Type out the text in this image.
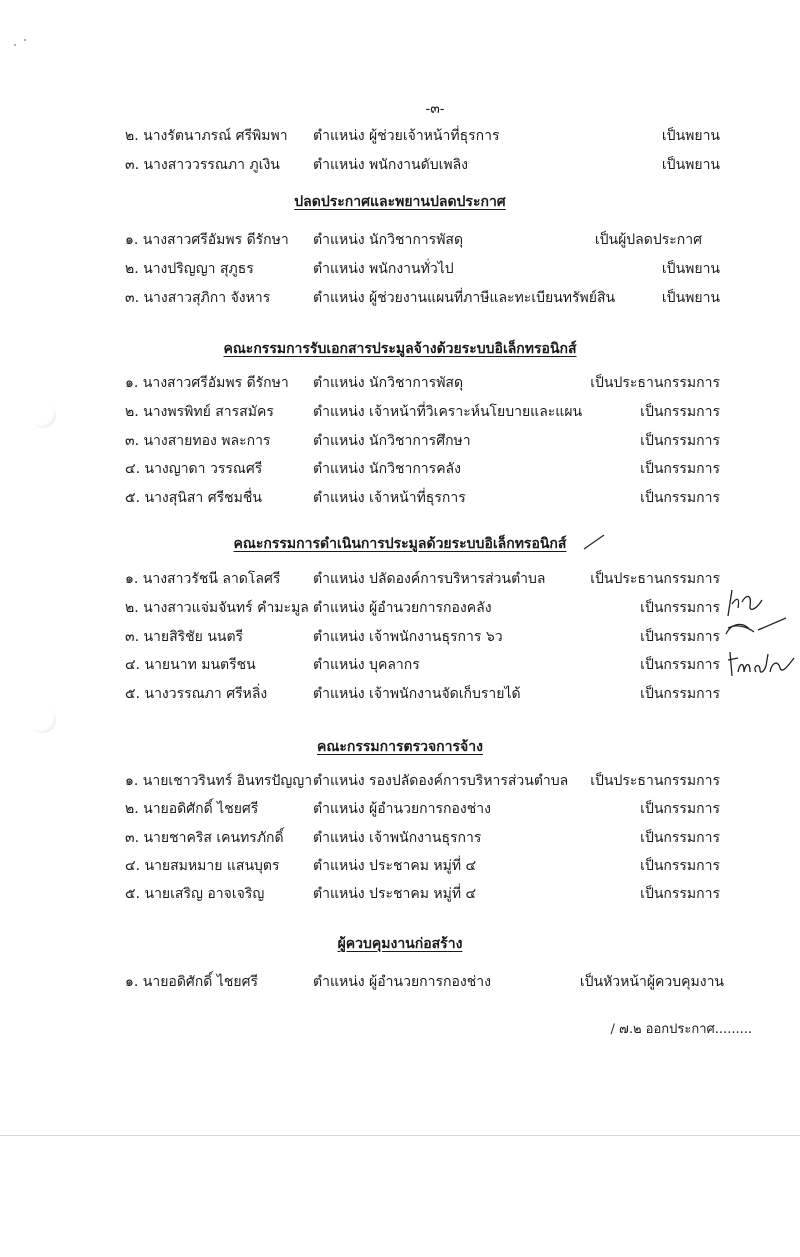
-๓-
๒. นางรัตนาภรณ์ ศรีพิมพา ตำแหน่ง ผู้ช่วยเจ้าหน้าที่ธุรการ	เป็นพยาน
๓. นางสาววรรณภา ภูเงิน ตำแหน่ง พนักงานดับเพลิง	เป็นพยาน
ปลดประกาศและพยานปลดประกาศ
๑. นางสาวศรีอัมพร ดีรักษา ตำแหน่ง นักวิชาการพัสดุ	เป็นผู้ปลดประกาศ
๒. นางปริญญา สุภูธร	ตำแหน่ง พนักงานทั่วไป	เป็นพยาน
๓. นางสาวสุภิกา จังหาร	ตำแหน่ง ผู้ช่วยงานแผนที่ภาษีและทะเบียนทรัพย์สิน	เป็นพยาน
คณะกรรมการรับเอกสารประมูลจ้างด้วยระบบอิเล็กทรอนิกส์
๑. นางสาวศรีอัมพร ดีรักษา ตำแหน่ง นักวิชาการพัสดุ	เป็นประธานกรรมการ
๒. นางพรพิทย์ สารสมัคร	ตำแหน่ง เจ้าหน้าที่วิเคราะห์นโยบายและแผน	เป็นกรรมการ
๓. นางสายทอง พละการ	ตำแหน่ง นักวิชาการศึกษา	เป็นกรรมการ
๔. นางญาดา วรรณศรี	ตำแหน่ง นักวิชาการคลัง	เป็นกรรมการ
๕. นางสุนิสา ศรีชมชื่น	ตำแหน่ง เจ้าหน้าที่ธุรการ	เป็นกรรมการ
คณะกรรมการดำเนินการประมูลด้วยระบบอิเล็กทรอนิกส์
๑. นางสาวรัชนี ลาดโลศรี ตำแหน่ง ปลัดองค์การบริหารส่วนตำบล	เป็นประธานกรรมการ
๒. นางสาวแจ่มจันทร์ คำมะมูล ตำแหน่ง ผู้อำนวยการกองคลัง	เป็นกรรมการ
๓. นายสิริชัย นนตรี	ตำแหน่ง เจ้าพนักงานธุรการ ๖ว	เป็นกรรมการ
๔. นายนาท มนตรีชน	ตำแหน่ง บุคลากร	เป็นกรรมการ
๕. นางวรรณภา ศรีหลิ่ง	ตำแหน่ง เจ้าพนักงานจัดเก็บรายได้	เป็นกรรมการ
คณะกรรมการตรวจการจ้าง
๑. นายเชาวรินทร์ อินทรปัญญา ตำแหน่ง รองปลัดองค์การบริหารส่วนตำบล เป็นประธานกรรมการ
๒. นายอดิศักดิ์ ไชยศรี	ตำแหน่ง ผู้อำนวยการกองช่าง	เป็นกรรมการ
๓. นายชาคริส เคนทรภักดิ์ ตำแหน่ง เจ้าพนักงานธุรการ	เป็นกรรมการ
๔. นายสมหมาย แสนบุตร ตำแหน่ง ประชาคม หมู่ที่ ๔	เป็นกรรมการ
๕. นายเสริญ อาจเจริญ	ตำแหน่ง ประชาคม หมู่ที่ ๔	เป็นกรรมการ
ผู้ควบคุมงานก่อสร้าง
๑. นายอดิศักดิ์ ไชยศรี	ตำแหน่ง ผู้อำนวยการกองช่าง	เป็นหัวหน้าผู้ควบคุมงาน
/ ๗.๒ ออกประกาศ.........
